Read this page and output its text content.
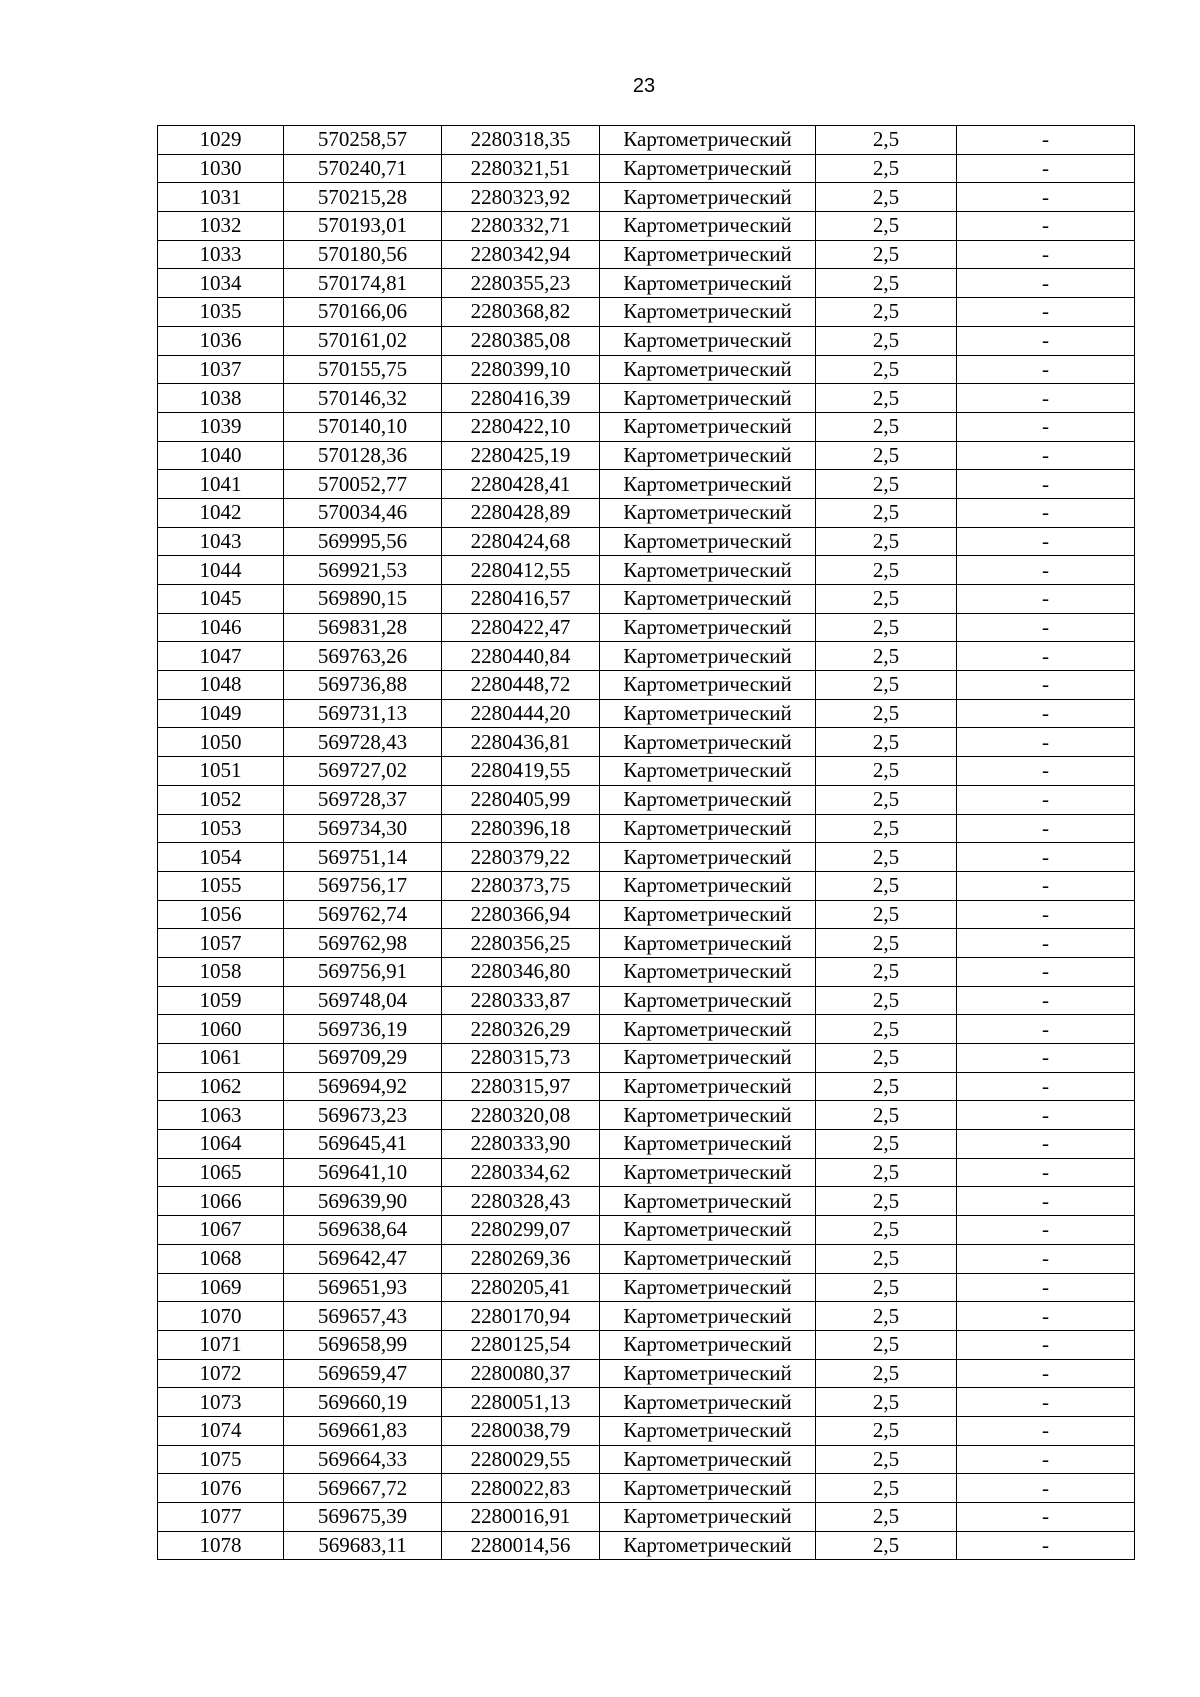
23
1029	570258,57	2280318,35	Картометрический	2,5	-
1030	570240,71	2280321,51	Картометрический	2,5	-
1031	570215,28	2280323,92	Картометрический	2,5	-
1032	570193,01	2280332,71	Картометрический	2,5	-
1033	570180,56	2280342,94	Картометрический	2,5	-
1034	570174,81	2280355,23	Картометрический	2,5	-
1035	570166,06	2280368,82	Картометрический	2,5	-
1036	570161,02	2280385,08	Картометрический	2,5	-
1037	570155,75	2280399,10	Картометрический	2,5	-
1038	570146,32	2280416,39	Картометрический	2,5	-
1039	570140,10	2280422,10	Картометрический	2,5	-
1040	570128,36	2280425,19	Картометрический	2,5	-
1041	570052,77	2280428,41	Картометрический	2,5	-
1042	570034,46	2280428,89	Картометрический	2,5	-
1043	569995,56	2280424,68	Картометрический	2,5	-
1044	569921,53	2280412,55	Картометрический	2,5	-
1045	569890,15	2280416,57	Картометрический	2,5	-
1046	569831,28	2280422,47	Картометрический	2,5	-
1047	569763,26	2280440,84	Картометрический	2,5	-
1048	569736,88	2280448,72	Картометрический	2,5	-
1049	569731,13	2280444,20	Картометрический	2,5	-
1050	569728,43	2280436,81	Картометрический	2,5	-
1051	569727,02	2280419,55	Картометрический	2,5	-
1052	569728,37	2280405,99	Картометрический	2,5	-
1053	569734,30	2280396,18	Картометрический	2,5	-
1054	569751,14	2280379,22	Картометрический	2,5	-
1055	569756,17	2280373,75	Картометрический	2,5	-
1056	569762,74	2280366,94	Картометрический	2,5	-
1057	569762,98	2280356,25	Картометрический	2,5	-
1058	569756,91	2280346,80	Картометрический	2,5	-
1059	569748,04	2280333,87	Картометрический	2,5	-
1060	569736,19	2280326,29	Картометрический	2,5	-
1061	569709,29	2280315,73	Картометрический	2,5	-
1062	569694,92	2280315,97	Картометрический	2,5	-
1063	569673,23	2280320,08	Картометрический	2,5	-
1064	569645,41	2280333,90	Картометрический	2,5	-
1065	569641,10	2280334,62	Картометрический	2,5	-
1066	569639,90	2280328,43	Картометрический	2,5	-
1067	569638,64	2280299,07	Картометрический	2,5	-
1068	569642,47	2280269,36	Картометрический	2,5	-
1069	569651,93	2280205,41	Картометрический	2,5	-
1070	569657,43	2280170,94	Картометрический	2,5	-
1071	569658,99	2280125,54	Картометрический	2,5	-
1072	569659,47	2280080,37	Картометрический	2,5	-
1073	569660,19	2280051,13	Картометрический	2,5	-
1074	569661,83	2280038,79	Картометрический	2,5	-
1075	569664,33	2280029,55	Картометрический	2,5	-
1076	569667,72	2280022,83	Картометрический	2,5	-
1077	569675,39	2280016,91	Картометрический	2,5	-
1078	569683,11	2280014,56	Картометрический	2,5	-
